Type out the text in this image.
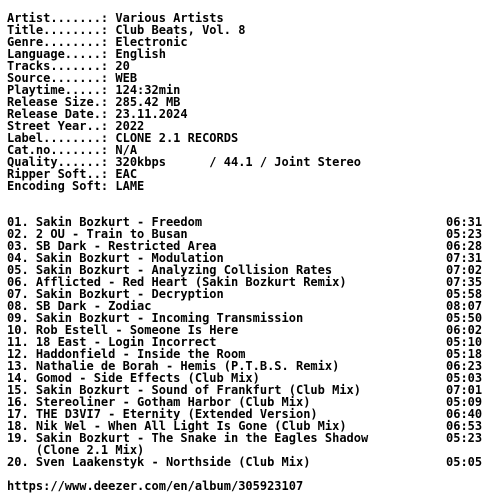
Artist.......: Various Artists
Title........: Club Beats, Vol. 8
Genre........: Electronic
Language.....: English
Tracks.......: 20
Source.......: WEB
Playtime.....: 124:32min
Release Size.: 285.42 MB
Release Date.: 23.11.2024
Street Year..: 2022
Label........: CLONE 2.1 RECORDS
Cat.no.......: N/A
Quality......: 320kbps      / 44.1 / Joint Stereo
Ripper Soft..: EAC
Encoding Soft: LAME
01. Sakin Bozkurt - Freedom	06:31
02. 2 OU - Train to Busan	05:23
03. SB Dark - Restricted Area	06:28
04. Sakin Bozkurt - Modulation	07:31
05. Sakin Bozkurt - Analyzing Collision Rates	07:02
06. Afflicted - Red Heart (Sakin Bozkurt Remix)	07:35
07. Sakin Bozkurt - Decryption	05:58
08. SB Dark - Zodiac	08:07
09. Sakin Bozkurt - Incoming Transmission	05:50
10. Rob Estell - Someone Is Here	06:02
11. 18 East - Login Incorrect	05:10
12. Haddonfield - Inside the Room	05:18
13. Nathalie de Borah - Hemis (P.T.B.S. Remix)	06:23
14. Gomod - Side Effects (Club Mix)	05:03
15. Sakin Bozkurt - Sound of Frankfurt (Club Mix)	07:01
16. Stereoliner - Gotham Harbor (Club Mix)	05:09
17. THE D3VI7 - Eternity (Extended Version)	06:40
18. Nik Wel - When All Light Is Gone (Club Mix)	06:53
19. Sakin Bozkurt - The Snake in the Eagles Shadow	05:23
(Clone 2.1 Mix)
20. Sven Laakenstyk - Northside (Club Mix)	05:05
https://www.deezer.com/en/album/305923107
